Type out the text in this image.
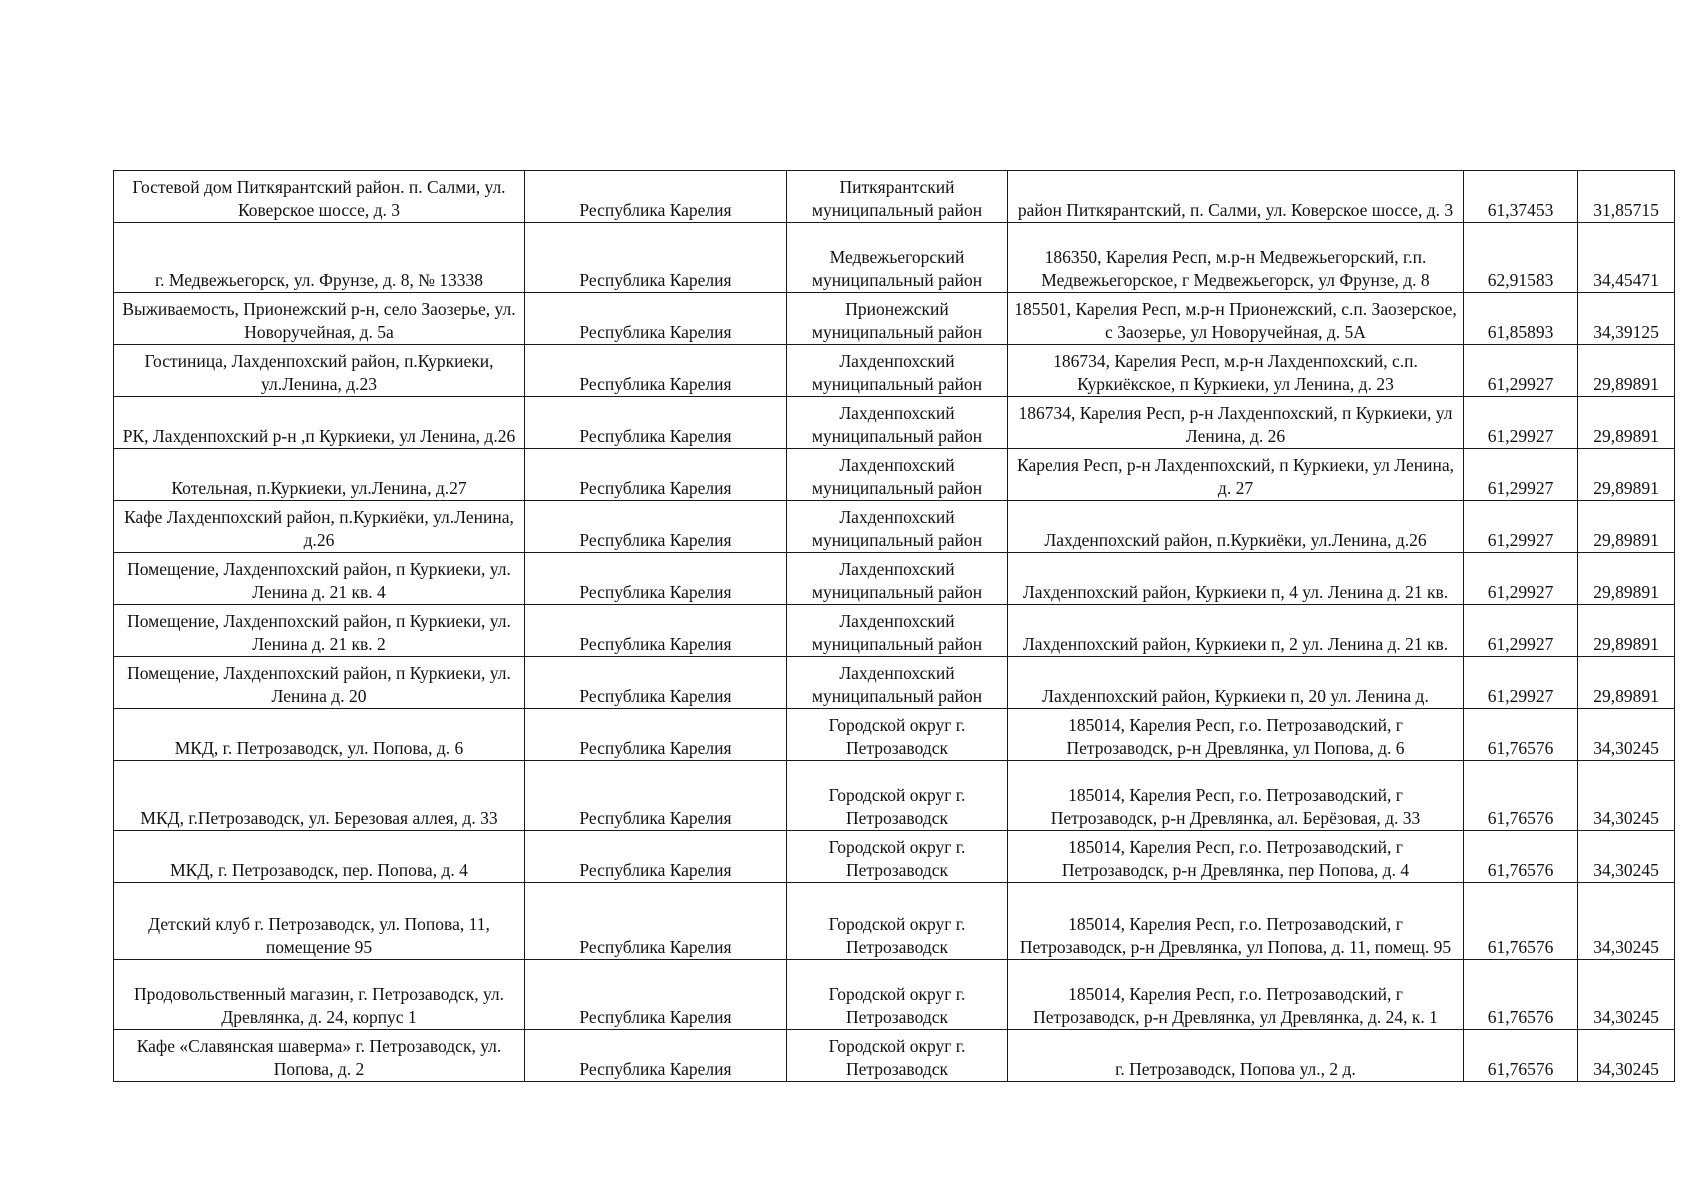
Гостевой дом Питкярантский район. п. Салми, ул. Коверское шоссе, д. 3	Республика Карелия	Питкярантский муниципальный район	район Питкярантский, п. Салми, ул. Коверское шоссе, д. 3	61,37453	31,85715
г. Медвежьегорск, ул. Фрунзе, д. 8, № 13338	Республика Карелия	Медвежьегорский муниципальный район	186350, Карелия Респ, м.р-н Медвежьегорский, г.п. Медвежьегорское, г Медвежьегорск, ул Фрунзе, д. 8	62,91583	34,45471
Выживаемость, Прионежский р-н, село Заозерье, ул. Новоручейная, д. 5а	Республика Карелия	Прионежский муниципальный район	185501, Карелия Респ, м.р-н Прионежский, с.п. Заозерское, с Заозерье, ул Новоручейная, д. 5А	61,85893	34,39125
Гостиница, Лахденпохский район, п.Куркиеки, ул.Ленина, д.23	Республика Карелия	Лахденпохский муниципальный район	186734, Карелия Респ, м.р-н Лахденпохский, с.п. Куркиёкское, п Куркиеки, ул Ленина, д. 23	61,29927	29,89891
РК, Лахденпохский р-н ,п Куркиеки, ул Ленина, д.26	Республика Карелия	Лахденпохский муниципальный район	186734, Карелия Респ, р-н Лахденпохский, п Куркиеки, ул Ленина, д. 26	61,29927	29,89891
Котельная, п.Куркиеки, ул.Ленина, д.27	Республика Карелия	Лахденпохский муниципальный район	Карелия Респ, р-н Лахденпохский, п Куркиеки, ул Ленина, д. 27	61,29927	29,89891
Кафе Лахденпохский район, п.Куркиёки, ул.Ленина, д.26	Республика Карелия	Лахденпохский муниципальный район	Лахденпохский район, п.Куркиёки, ул.Ленина, д.26	61,29927	29,89891
Помещение, Лахденпохский район, п Куркиеки, ул. Ленина д. 21 кв. 4	Республика Карелия	Лахденпохский муниципальный район	Лахденпохский район, Куркиеки п, 4 ул. Ленина д. 21 кв.	61,29927	29,89891
Помещение, Лахденпохский район, п Куркиеки, ул. Ленина д. 21 кв. 2	Республика Карелия	Лахденпохский муниципальный район	Лахденпохский район, Куркиеки п, 2 ул. Ленина д. 21 кв.	61,29927	29,89891
Помещение, Лахденпохский район, п Куркиеки, ул. Ленина д. 20	Республика Карелия	Лахденпохский муниципальный район	Лахденпохский район, Куркиеки п, 20 ул. Ленина д.	61,29927	29,89891
МКД, г. Петрозаводск, ул. Попова, д. 6	Республика Карелия	Городской округ г. Петрозаводск	185014, Карелия Респ, г.о. Петрозаводский, г Петрозаводск, р-н Древлянка, ул Попова, д. 6	61,76576	34,30245
МКД, г.Петрозаводск, ул. Березовая аллея, д. 33	Республика Карелия	Городской округ г. Петрозаводск	185014, Карелия Респ, г.о. Петрозаводский, г Петрозаводск, р-н Древлянка, ал. Берёзовая, д. 33	61,76576	34,30245
МКД, г. Петрозаводск, пер. Попова, д. 4	Республика Карелия	Городской округ г. Петрозаводск	185014, Карелия Респ, г.о. Петрозаводский, г Петрозаводск, р-н Древлянка, пер Попова, д. 4	61,76576	34,30245
Детский клуб г. Петрозаводск, ул. Попова, 11, помещение 95	Республика Карелия	Городской округ г. Петрозаводск	185014, Карелия Респ, г.о. Петрозаводский, г Петрозаводск, р-н Древлянка, ул Попова, д. 11, помещ. 95	61,76576	34,30245
Продовольственный магазин, г. Петрозаводск, ул. Древлянка, д. 24, корпус 1	Республика Карелия	Городской округ г. Петрозаводск	185014, Карелия Респ, г.о. Петрозаводский, г Петрозаводск, р-н Древлянка, ул Древлянка, д. 24, к. 1	61,76576	34,30245
Кафе «Славянская шаверма» г. Петрозаводск, ул. Попова, д. 2	Республика Карелия	Городской округ г. Петрозаводск	г. Петрозаводск, Попова ул., 2 д.	61,76576	34,30245
